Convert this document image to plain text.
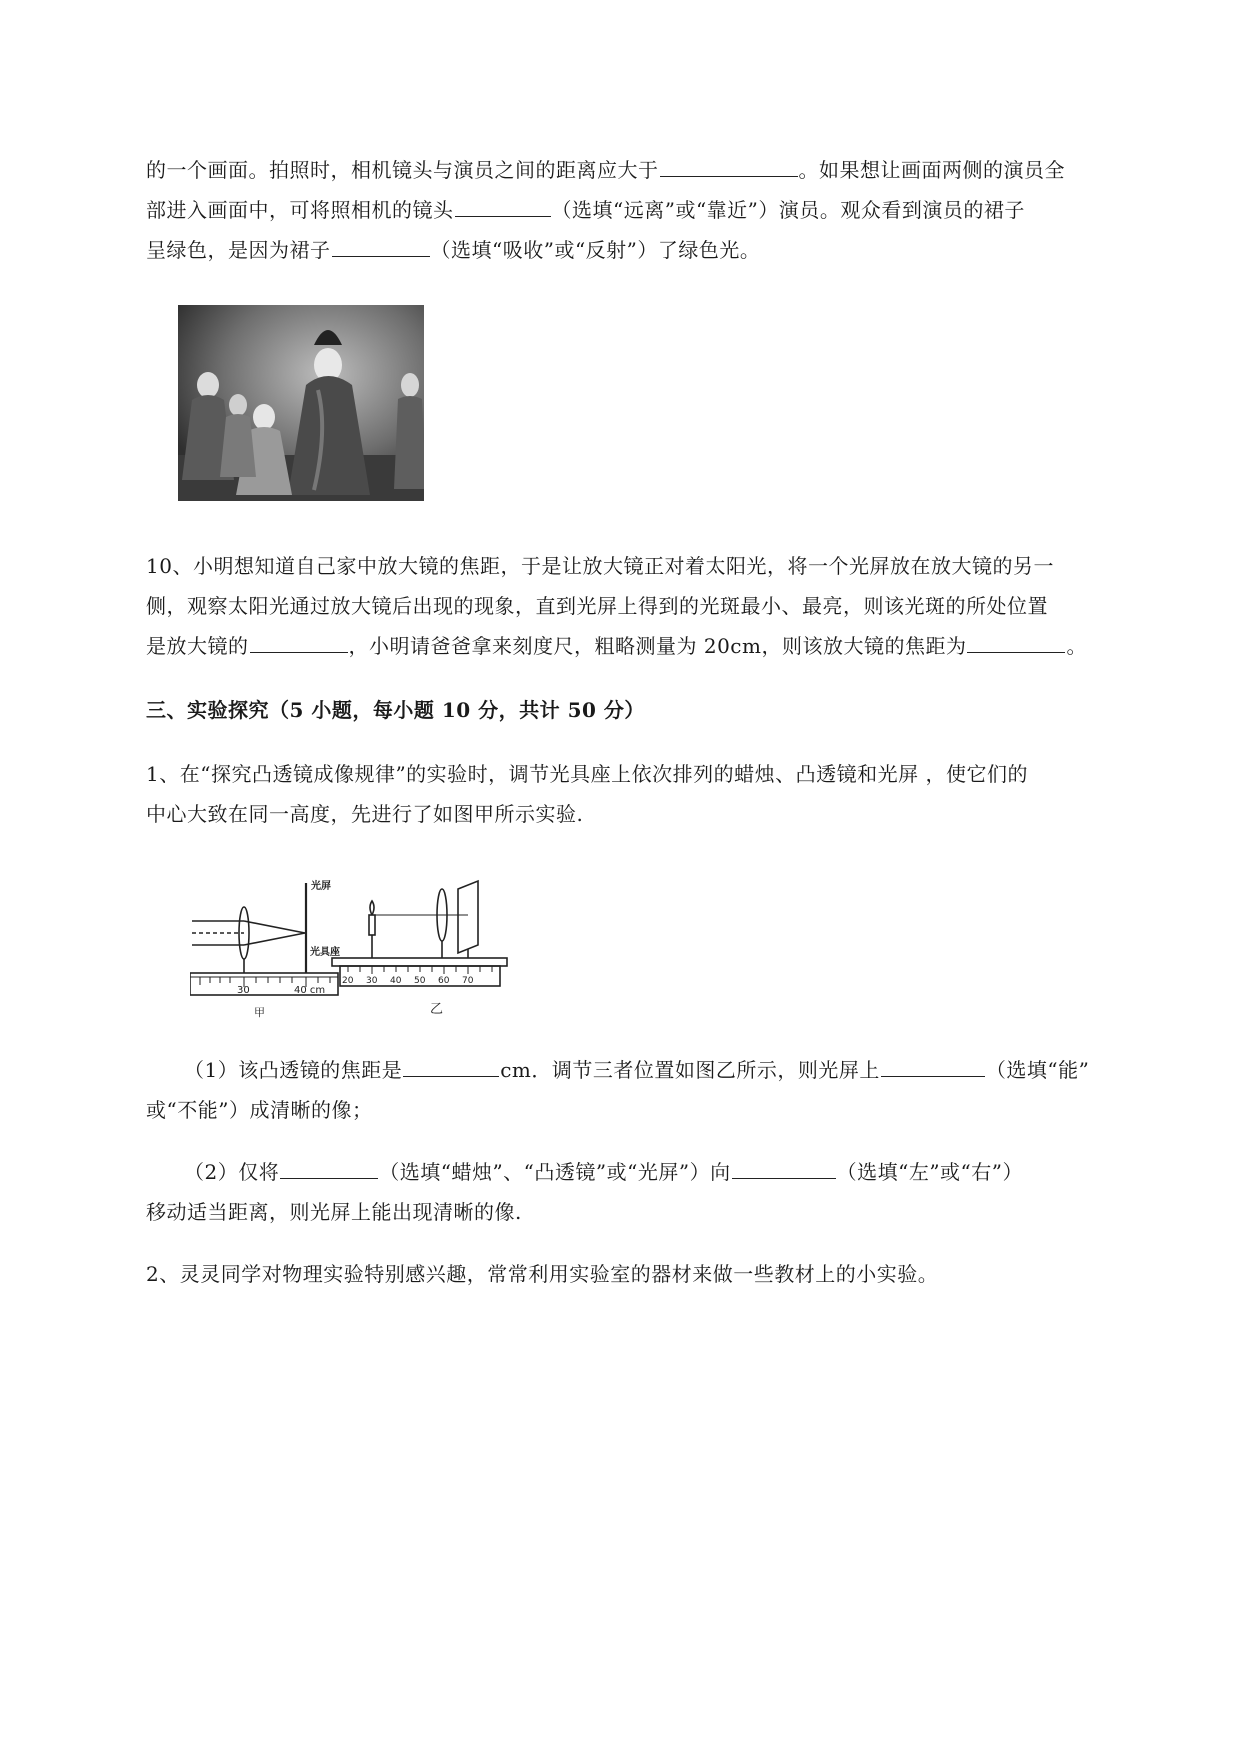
的一个画面。拍照时，相机镜头与演员之间的距离应大于	。如果想让画面两侧的演员全
部进入画面中，可将照相机的镜头	（选填“远离”或“靠近”）演员。观众看到演员的裙子
呈绿色，是因为裙子	（选填“吸收”或“反射”）了绿色光。
10、小明想知道自己家中放大镜的焦距，于是让放大镜正对着太阳光，将一个光屏放在放大镜的另一
侧，观察太阳光通过放大镜后出现的现象，直到光屏上得到的光斑最小、最亮，则该光斑的所处位置
是放大镜的	，小明请爸爸拿来刻度尺，粗略测量为 20cm，则该放大镜的焦距为	。
三、实验探究（5 小题，每小题 10 分，共计 50 分）
1、在“探究凸透镜成像规律”的实验时，调节光具座上依次排列的蜡烛、凸透镜和光屏 ，使它们的
中心大致在同一高度，先进行了如图甲所示实验.
光屏
光具座
30	40 cm
甲
20 30 40 50 60 70
乙
（1）该凸透镜的焦距是	cm．调节三者位置如图乙所示，则光屏上	（选填“能”
或“不能”）成清晰的像；
（2）仅将	（选填“蜡烛”、“凸透镜”或“光屏”）向	（选填“左”或“右”）
移动适当距离，则光屏上能出现清晰的像.
2、灵灵同学对物理实验特别感兴趣，常常利用实验室的器材来做一些教材上的小实验。
